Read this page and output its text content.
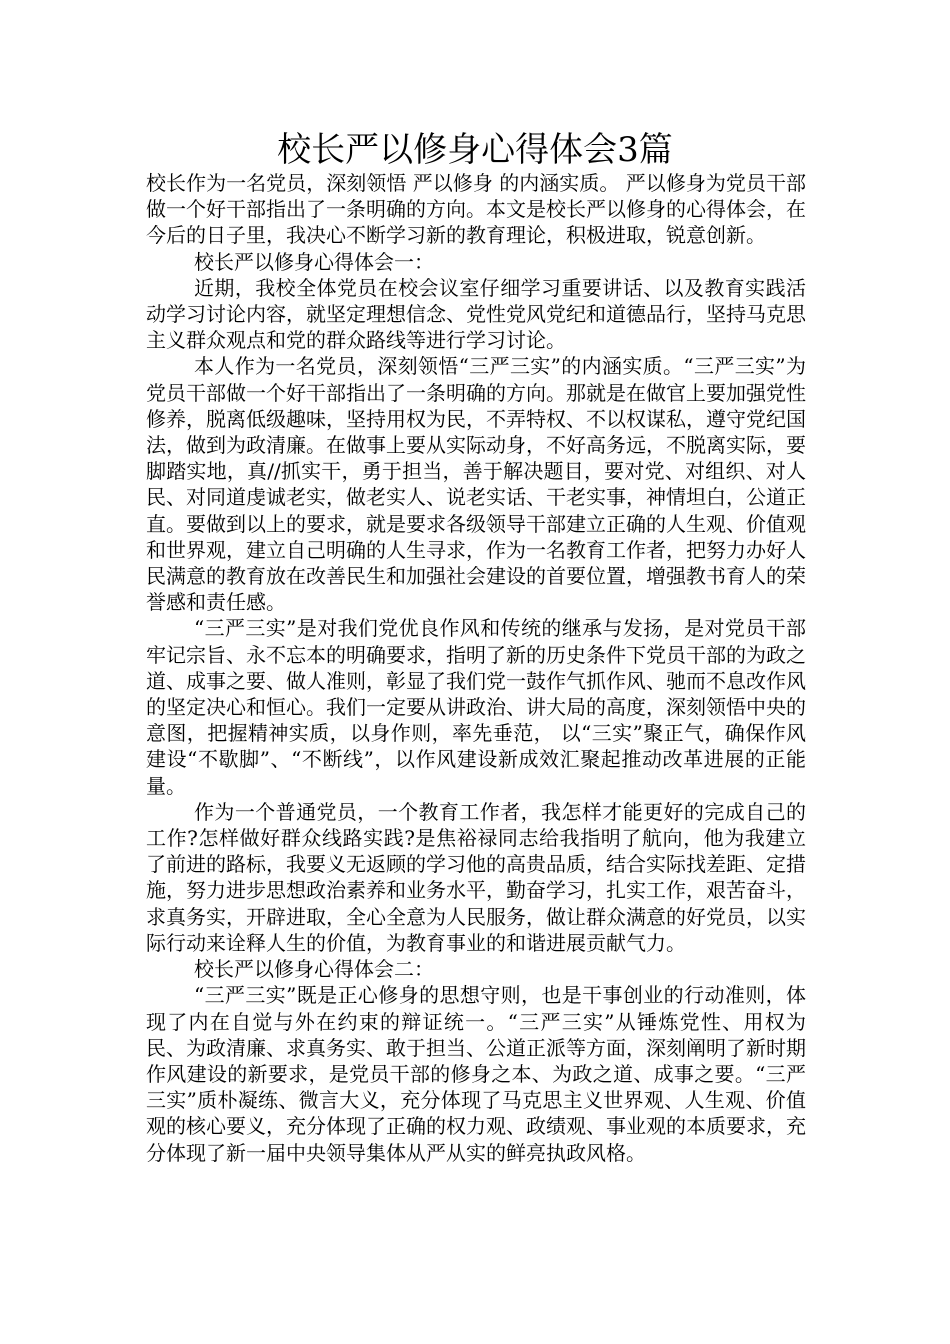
校长严以修身心得体会3篇

校长作为一名党员，深刻领悟 严以修身 的内涵实质。 严以修身为党员干部做一个好干部指出了一条明确的方向。本文是校长严以修身的心得体会，在今后的日子里，我决心不断学习新的教育理论，积极进取，锐意创新。

校长严以修身心得体会一：

近期，我校全体党员在校会议室仔细学习重要讲话、以及教育实践活动学习讨论内容，就坚定理想信念、党性党风党纪和道德品行，坚持马克思主义群众观点和党的群众路线等进行学习讨论。

本人作为一名党员，深刻领悟“三严三实”的内涵实质。“三严三实”为党员干部做一个好干部指出了一条明确的方向。那就是在做官上要加强党性修养，脱离低级趣味，坚持用权为民，不弄特权、不以权谋私，遵守党纪国法，做到为政清廉。在做事上要从实际动身，不好高务远，不脱离实际，要脚踏实地，真//抓实干，勇于担当，善于解决题目，要对党、对组织、对人民、对同道虔诚老实，做老实人、说老实话、干老实事，神情坦白，公道正直。要做到以上的要求，就是要求各级领导干部建立正确的人生观、价值观和世界观，建立自己明确的人生寻求，作为一名教育工作者，把努力办好人民满意的教育放在改善民生和加强社会建设的首要位置，增强教书育人的荣誉感和责任感。

“三严三实”是对我们党优良作风和传统的继承与发扬，是对党员干部牢记宗旨、永不忘本的明确要求，指明了新的历史条件下党员干部的为政之道、成事之要、做人准则，彰显了我们党一鼓作气抓作风、驰而不息改作风的坚定决心和恒心。我们一定要从讲政治、讲大局的高度，深刻领悟中央的意图，把握精神实质，以身作则，率先垂范， 以“三实”聚正气，确保作风建设“不歇脚”、“不断线”，以作风建设新成效汇聚起推动改革进展的正能量。

作为一个普通党员，一个教育工作者，我怎样才能更好的完成自己的工作?怎样做好群众线路实践?是焦裕禄同志给我指明了航向，他为我建立了前进的路标，我要义无返顾的学习他的高贵品质，结合实际找差距、定措施，努力进步思想政治素养和业务水平，勤奋学习，扎实工作，艰苦奋斗，求真务实，开辟进取，全心全意为人民服务，做让群众满意的好党员，以实际行动来诠释人生的价值，为教育事业的和谐进展贡献气力。

校长严以修身心得体会二：

“三严三实”既是正心修身的思想守则，也是干事创业的行动准则，体现了内在自觉与外在约束的辩证统一。“三严三实”从锤炼党性、用权为民、为政清廉、求真务实、敢于担当、公道正派等方面，深刻阐明了新时期作风建设的新要求，是党员干部的修身之本、为政之道、成事之要。“三严三实”质朴凝练、微言大义，充分体现了马克思主义世界观、人生观、价值观的核心要义，充分体现了正确的权力观、政绩观、事业观的本质要求，充分体现了新一届中央领导集体从严从实的鲜亮执政风格。
